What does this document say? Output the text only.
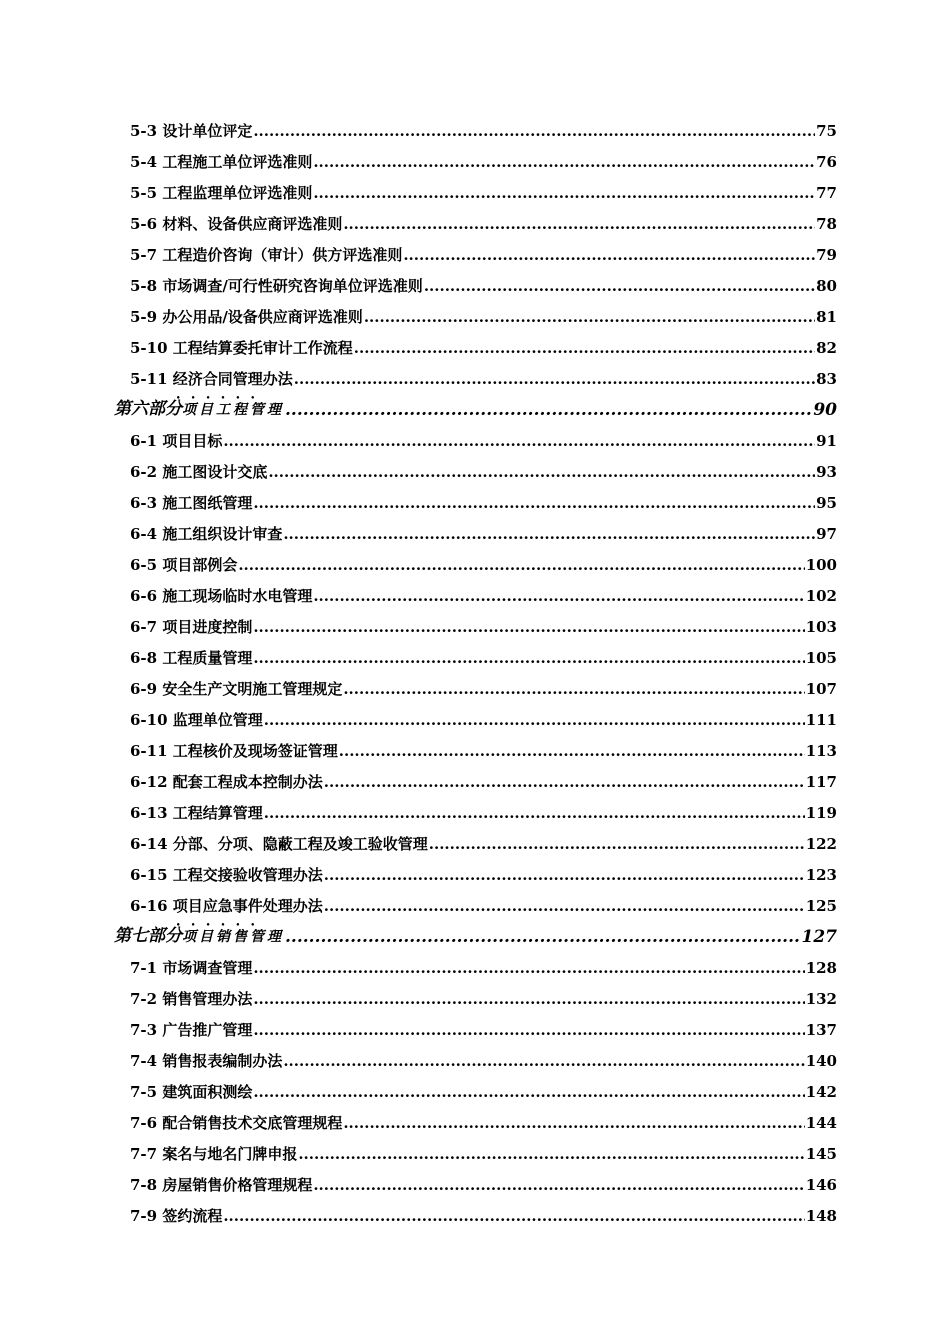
5-3 设计单位评定 .....	75
5-4 工程施工单位评选准则 .....	76
5-5 工程监理单位评选准则 .....	77
5-6 材料、设备供应商评选准则 .....	78
5-7 工程造价咨询（审计）供方评选准则 .....	79
5-8 市场调查/可行性研究咨询单位评选准则 .....	80
5-9 办公用品/设备供应商评选准则 .....	81
5-10 工程结算委托审计工作流程 .....	82
5-11 经济合同管理办法 .....	83
第六部分• • • 项目工程管理 .....	90
6-1 项目目标 .....	91
6-2 施工图设计交底 .....	93
6-3 施工图纸管理 .....	95
6-4 施工组织设计审查 .....	97
6-5 项目部例会 .....	100
6-6 施工现场临时水电管理 .....	102
6-7 项目进度控制 .....	103
6-8 工程质量管理 .....	105
6-9 安全生产文明施工管理规定 .....	107
6-10 监理单位管理 .....	111
6-11 工程核价及现场签证管理 .....	113
6-12 配套工程成本控制办法 .....	117
6-13 工程结算管理 .....	119
6-14 分部、分项、隐蔽工程及竣工验收管理 .....	122
6-15 工程交接验收管理办法 .....	123
6-16 项目应急事件处理办法 .....	125
第七部分• • • 项目销售管理 .....	127
7-1 市场调查管理 .....	128
7-2 销售管理办法 .....	132
7-3 广告推广管理 .....	137
7-4 销售报表编制办法 .....	140
7-5 建筑面积测绘 .....	142
7-6 配合销售技术交底管理规程 .....	144
7-7 案名与地名门牌申报 .....	145
7-8 房屋销售价格管理规程 .....	146
7-9 签约流程 .....	148
